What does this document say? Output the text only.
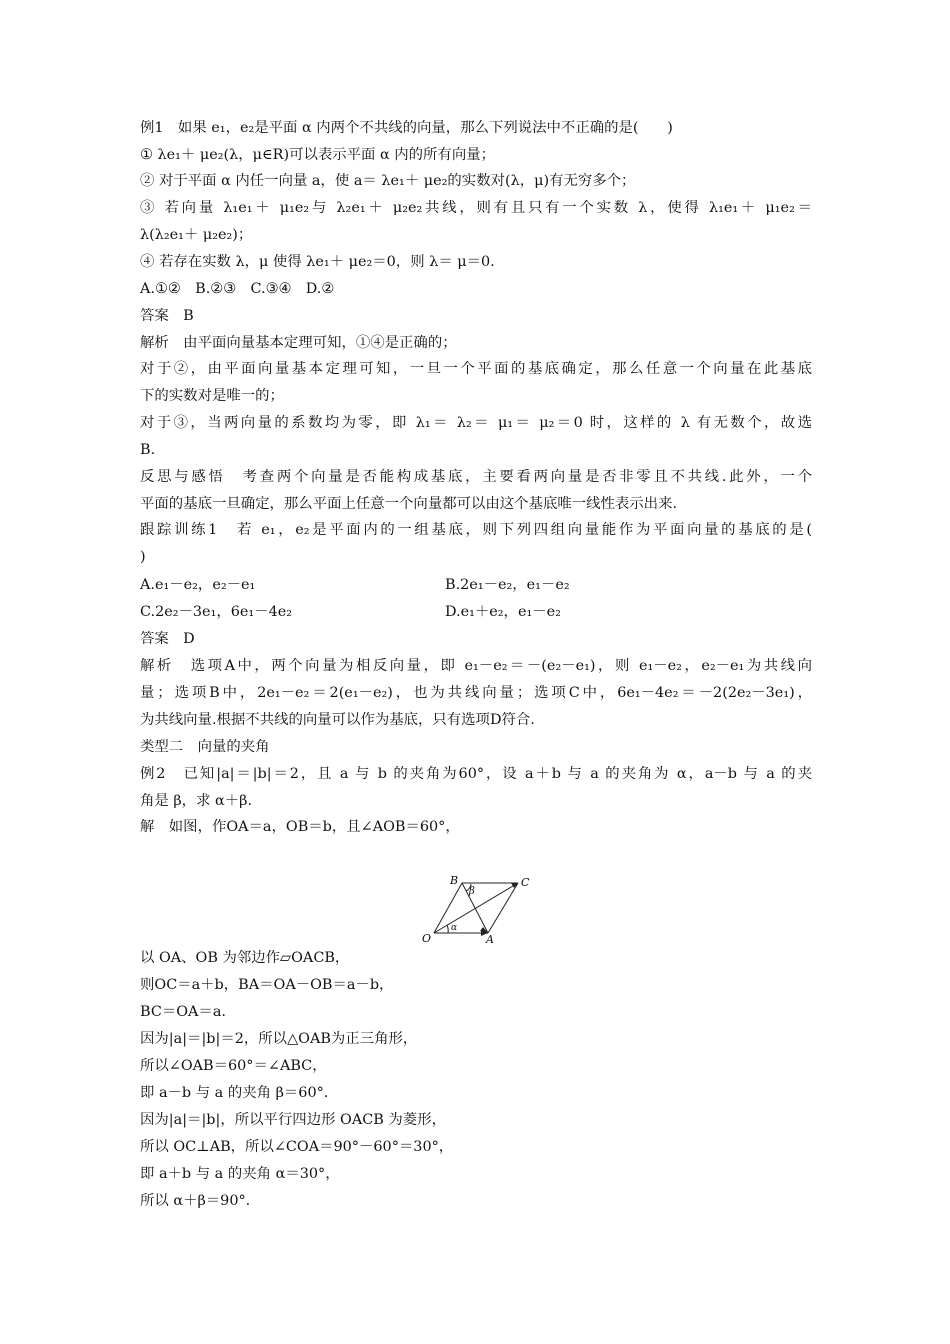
例1　如果 e₁，e₂是平面 α 内两个不共线的向量，那么下列说法中不正确的是(　　)
① λe₁＋ μe₂(λ，μ∈R)可以表示平面 α 内的所有向量；
② 对于平面 α 内任一向量 a，使 a＝ λe₁＋ μe₂的实数对(λ，μ)有无穷多个；
③ 若向量 λ₁e₁＋ μ₁e₂与 λ₂e₁＋ μ₂e₂共线，则有且只有一个实数 λ，使得 λ₁e₁＋ μ₁e₂＝
λ(λ₂e₁＋ μ₂e₂)；
④ 若存在实数 λ，μ 使得 λe₁＋ μe₂＝0，则 λ＝ μ＝0.
A.①②　B.②③　C.③④　D.②
答案　B
解析　由平面向量基本定理可知，①④是正确的；
对于②，由平面向量基本定理可知，一旦一个平面的基底确定，那么任意一个向量在此基底
下的实数对是唯一的；
对于③，当两向量的系数均为零，即 λ₁＝ λ₂＝ μ₁＝ μ₂＝0 时，这样的 λ 有无数个，故选
B.
反思与感悟　考查两个向量是否能构成基底，主要看两向量是否非零且不共线.此外，一个
平面的基底一旦确定，那么平面上任意一个向量都可以由这个基底唯一线性表示出来.
跟踪训练1　若 e₁，e₂是平面内的一组基底，则下列四组向量能作为平面向量的基底的是(
)
A.e₁－e₂，e₂－e₁	B.2e₁－e₂，e₁－e₂
C.2e₂－3e₁，6e₁－4e₂	D.e₁＋e₂，e₁－e₂
答案　D
解析　选项A中，两个向量为相反向量，即 e₁－e₂＝－(e₂－e₁)，则 e₁－e₂，e₂－e₁为共线向
量；选项B中，2e₁－e₂＝2(e₁－e₂)，也为共线向量；选项C中，6e₁－4e₂＝－2(2e₂－3e₁)，
为共线向量.根据不共线的向量可以作为基底，只有选项D符合.
类型二　向量的夹角
例2　已知|a|＝|b|＝2，且 a 与 b 的夹角为60°，设 a＋b 与 a 的夹角为 α，a－b 与 a 的夹
角是 β，求 α＋β.
解　如图，作OA＝a，OB＝b，且∠AOB＝60°，
O	A
B	C
α
β
以 OA、OB 为邻边作▱OACB，
则OC＝a＋b，BA＝OA－OB＝a－b，
BC＝OA＝a.
因为|a|＝|b|＝2，所以△OAB为正三角形，
所以∠OAB＝60°＝∠ABC，
即 a－b 与 a 的夹角 β＝60°.
因为|a|＝|b|，所以平行四边形 OACB 为菱形，
所以 OC⊥AB，所以∠COA＝90°－60°＝30°，
即 a＋b 与 a 的夹角 α＝30°，
所以 α＋β＝90°.
